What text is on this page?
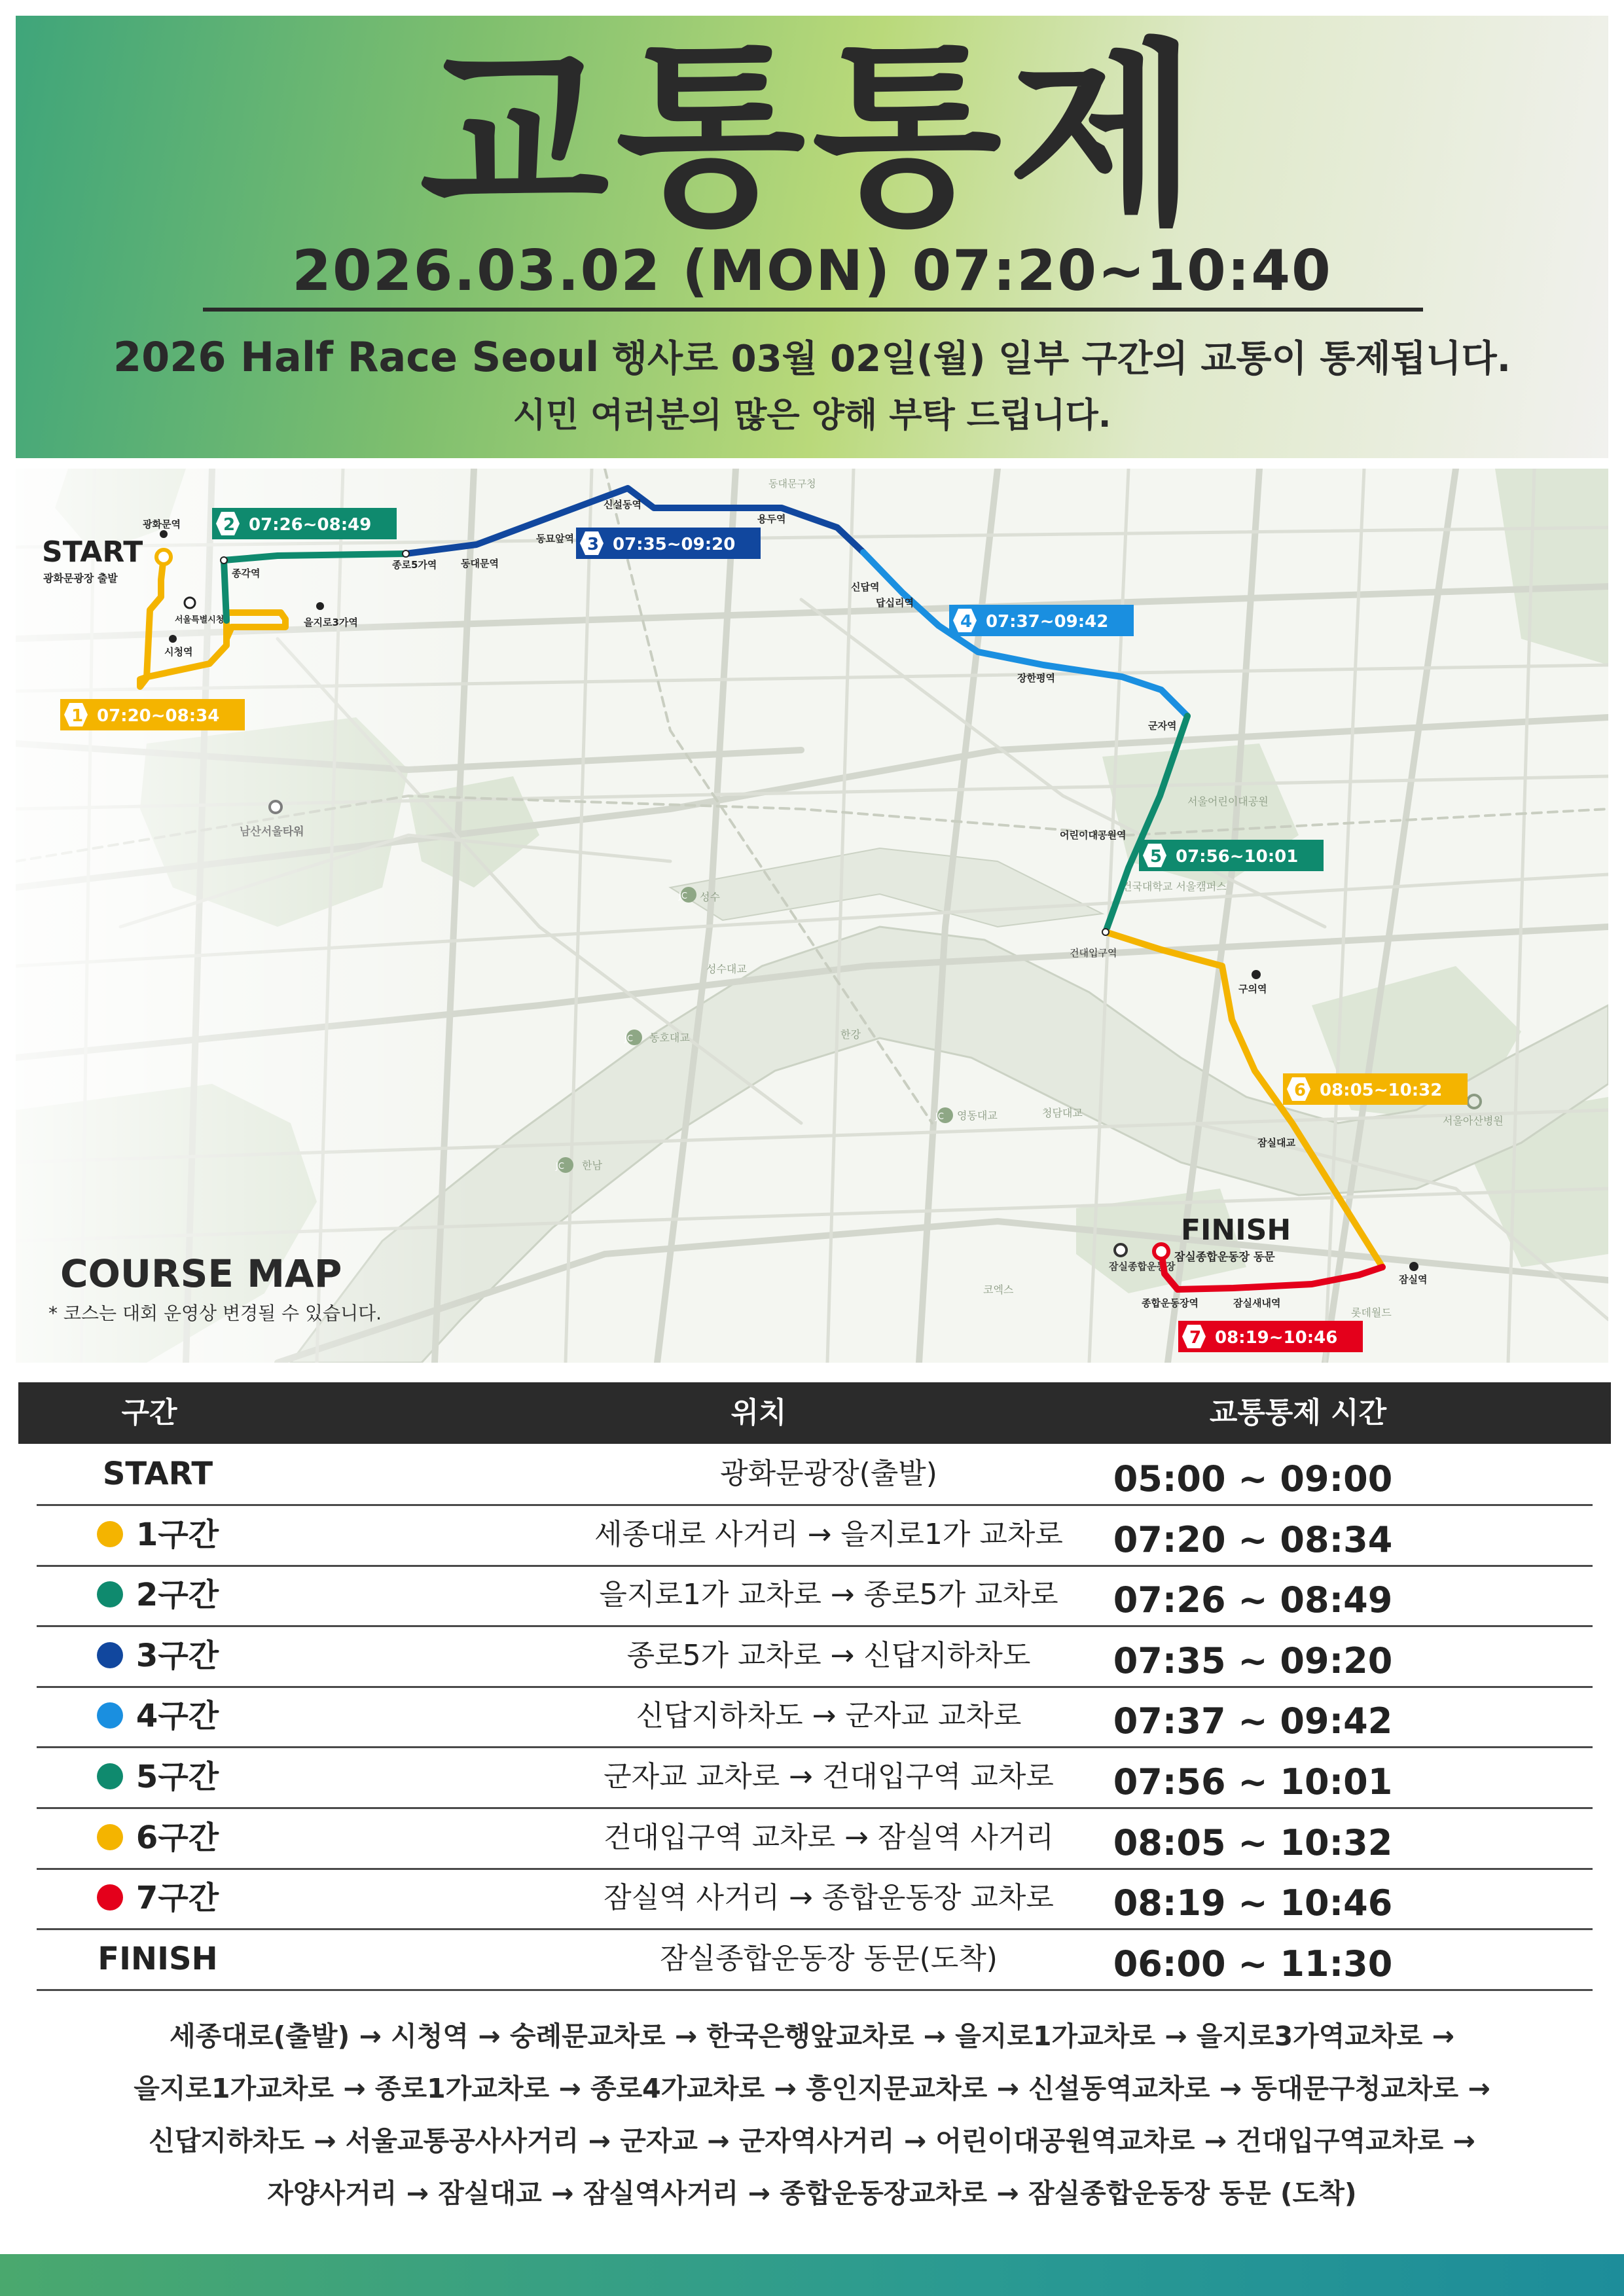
교통통제
2026.03.02 (MON) 07:20~10:40
2026 Half Race Seoul 행사로 03월 02일(월) 일부 구간의 교통이 통제됩니다.
시민 여러분의 많은 양해 부탁 드립니다.
JC 성수
한강
JC 동호대교
JC 영동대교	청담대교
성수대교
JC 한남
서울어린이대공원
건국대학교 서울캠퍼스
잠실종합운동장
코엑스
서울아산병원
롯데월드
START
광화문광장 출발
광화문역
종각역
서울특별시청
시청역
을지로3가역
종로5가역 동대문역
동묘앞역
신설동역
용두역
동대문구청
신답역
답십리역
장한평역
군자역
어린이대공원역
건대입구역
구의역
잠실대교
잠실역
종합운동장역	잠실새내역
FINISH
잠실종합운동장 동문
1 07:20~08:34
2 07:26~08:49
3 07:35~09:20
4 07:37~09:42
5 07:56~10:01
6 08:05~10:32
7 08:19~10:46
COURSE MAP
* 코스는 대회 운영상 변경될 수 있습니다.
구간	위치	교통통제 시간
START	광화문광장(출발)	05:00 ~ 09:00
1구간	세종대로 사거리 → 을지로1가 교차로	07:20 ~ 08:34
2구간	을지로1가 교차로 → 종로5가 교차로	07:26 ~ 08:49
3구간	종로5가 교차로 → 신답지하차도	07:35 ~ 09:20
4구간	신답지하차도 → 군자교 교차로	07:37 ~ 09:42
5구간	군자교 교차로 → 건대입구역 교차로	07:56 ~ 10:01
6구간	건대입구역 교차로 → 잠실역 사거리	08:05 ~ 10:32
7구간	잠실역 사거리 → 종합운동장 교차로	08:19 ~ 10:46
FINISH	잠실종합운동장 동문(도착)	06:00 ~ 11:30
세종대로(출발) → 시청역 → 숭례문교차로 → 한국은행앞교차로 → 을지로1가교차로 → 을지로3가역교차로 →
을지로1가교차로 → 종로1가교차로 → 종로4가교차로 → 흥인지문교차로 → 신설동역교차로 → 동대문구청교차로 →
신답지하차도 → 서울교통공사사거리 → 군자교 → 군자역사거리 → 어린이대공원역교차로 → 건대입구역교차로 →
자양사거리 → 잠실대교 → 잠실역사거리 → 종합운동장교차로 → 잠실종합운동장 동문 (도착)
